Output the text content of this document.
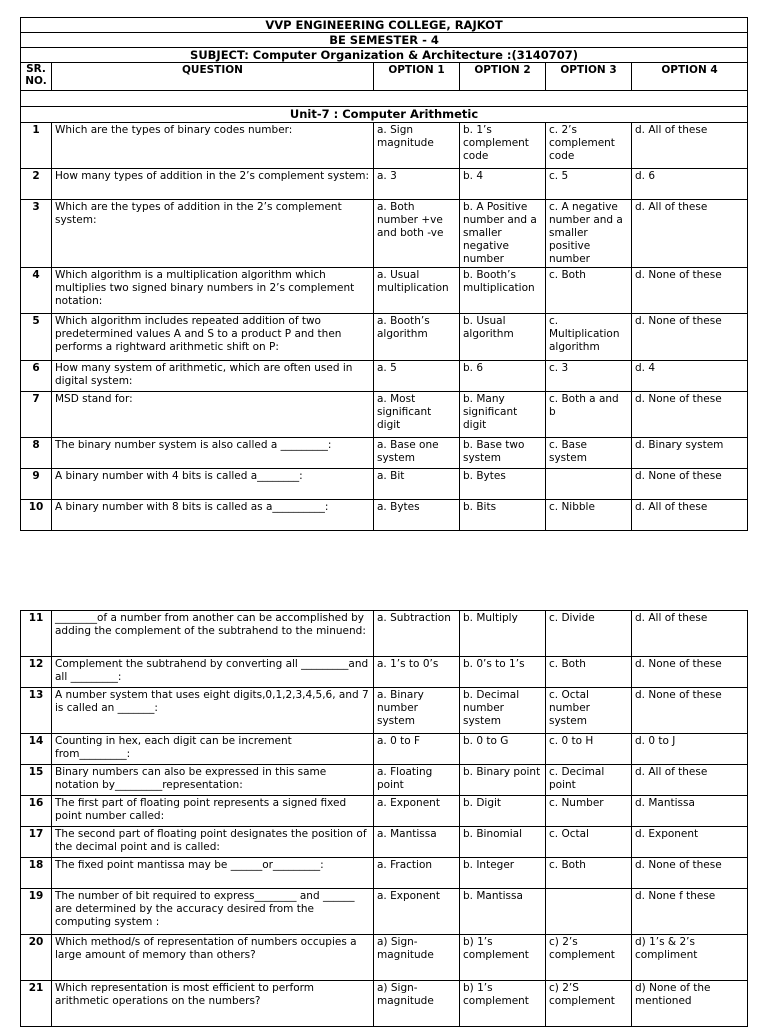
VVP ENGINEERING COLLEGE, RAJKOT					
BE SEMESTER - 4					
SUBJECT: Computer Organization & Architecture :(3140707)					
SR. NO.	QUESTION	OPTION 1	OPTION 2	OPTION 3	OPTION 4

Unit-7 : Computer Arithmetic					
1	Which are the types of binary codes number:	a. Sign magnitude	b. 1’s complement code	c. 2’s complement code	d. All of these
2	How many types of addition in the 2’s complement system:	a. 3	b. 4	c. 5	d. 6
3	Which are the types of addition in the 2’s complement system:	a. Both number +ve and both -ve	b. A Positive number and a smaller negative number	c. A negative number and a smaller positive number	d. All of these
4	Which algorithm is a multiplication algorithm which multiplies two signed binary numbers in 2’s complement notation:	a. Usual multiplication	b. Booth’s multiplication	c. Both	d. None of these
5	Which algorithm includes repeated addition of two predetermined values A and S to a product P and then performs a rightward arithmetic shift on P:	a. Booth’s algorithm	b. Usual algorithm	c. Multiplication algorithm	d. None of these
6	How many system of arithmetic, which are often used in digital system:	a. 5	b. 6	c. 3	d. 4
7	MSD stand for:	a. Most significant digit	b. Many significant digit	c. Both a and b	d. None of these
8	The binary number system is also called a _________:	a. Base one system	b. Base two system	c. Base system	d. Binary system
9	A binary number with 4 bits is called a________:	a. Bit	b. Bytes		d. None of these
10	A binary number with 8 bits is called as a__________:	a. Bytes	b. Bits	c. Nibble	d. All of these
11	________of a number from another can be accomplished by adding the complement of the subtrahend to the minuend:	a. Subtraction	b. Multiply	c. Divide	d. All of these
12	Complement the subtrahend by converting all _________and all _________:	a. 1’s to 0’s	b. 0’s to 1’s	c. Both	d. None of these
13	A number system that uses eight digits,0,1,2,3,4,5,6, and 7 is called an _______:	a. Binary number system	b. Decimal number system	c. Octal number system	d. None of these
14	Counting in hex, each digit can be increment from_________:	a. 0 to F	b. 0 to G	c. 0 to H	d. 0 to J
15	Binary numbers can also be expressed in this same notation by_________representation:	a. Floating point	b. Binary point	c. Decimal point	d. All of these
16	The first part of floating point represents a signed fixed point number called:	a. Exponent	b. Digit	c. Number	d. Mantissa
17	The second part of floating point designates the position of the decimal point and is called:	a. Mantissa	b. Binomial	c. Octal	d. Exponent
18	The fixed point mantissa may be ______or_________:	a. Fraction	b. Integer	c. Both	d. None of these
19	The number of bit required to express________ and ______ are determined by the accuracy desired from the computing system :	a. Exponent	b. Mantissa		d. None f these
20	Which method/s of representation of numbers occupies a large amount of memory than others?	a) Sign-magnitude	b) 1’s complement	c) 2’s complement	d) 1’s & 2’s compliment
21	Which representation is most efficient to perform arithmetic operations on the numbers?	a) Sign-magnitude	b) 1’s complement	c) 2’S complement	d) None of the mentioned
